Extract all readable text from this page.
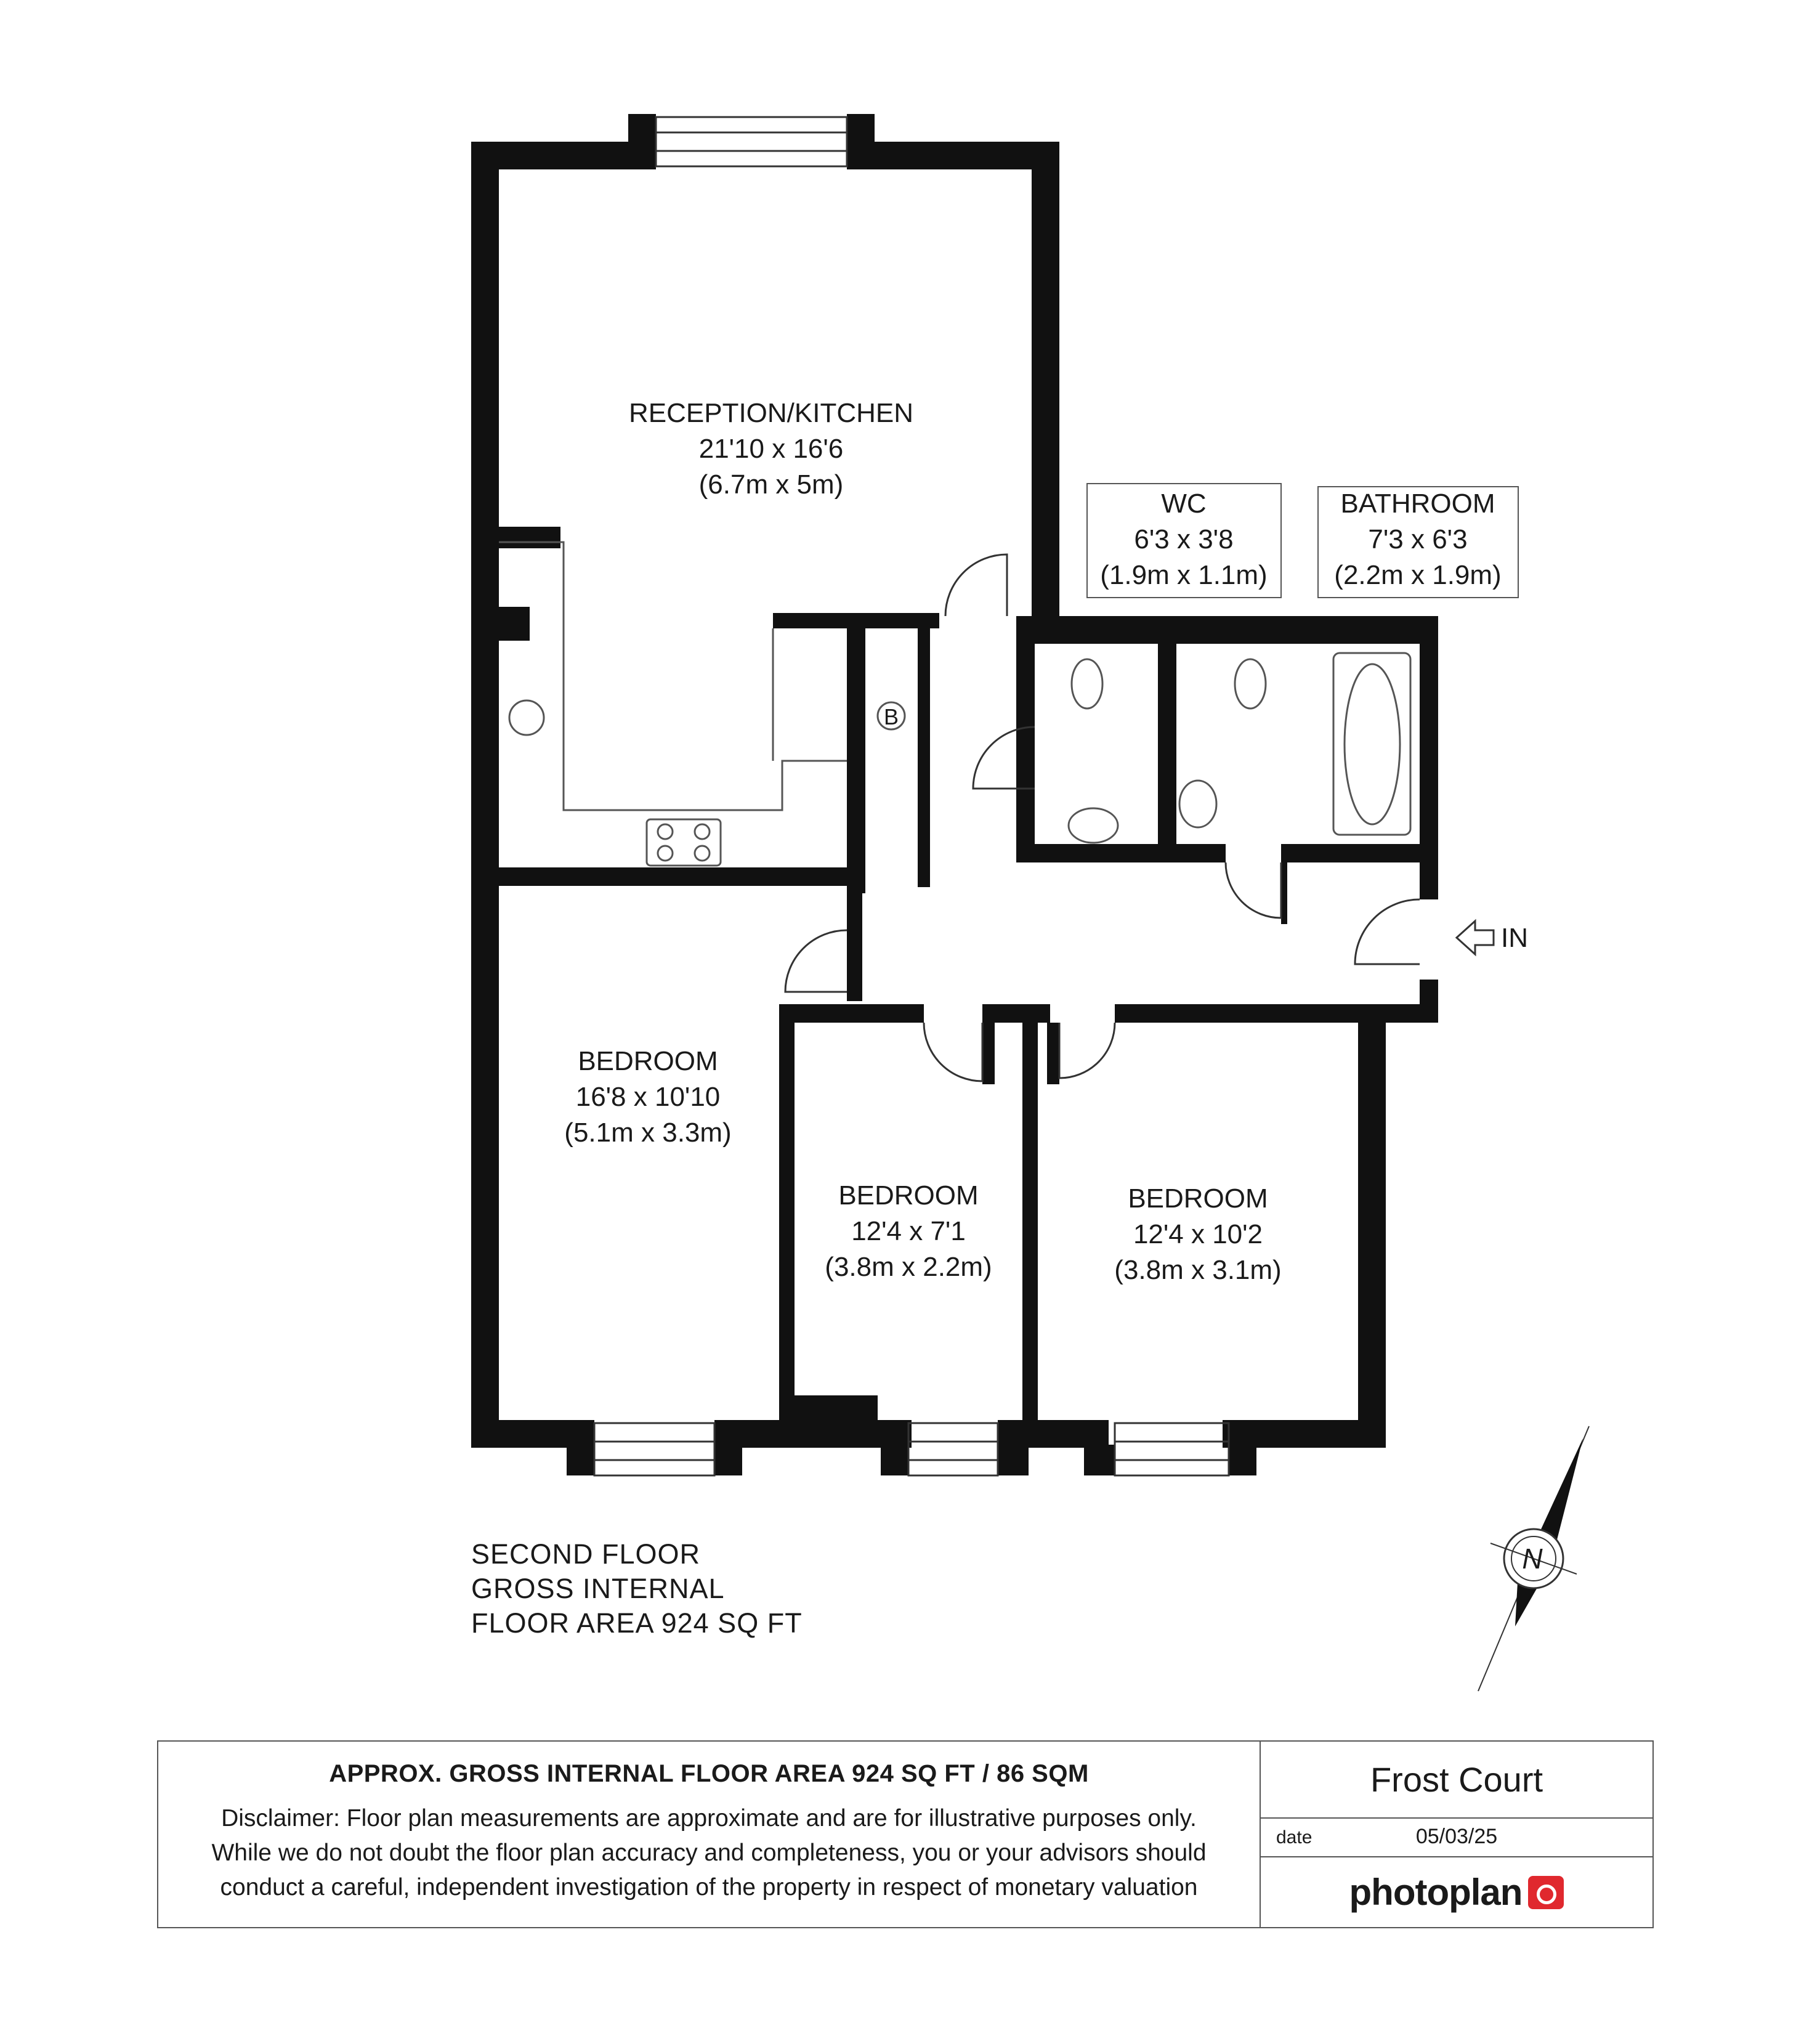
IN
B
RECEPTION/KITCHEN
21'10 x 16'6
(6.7m x 5m)
WC
6'3 x 3'8
(1.9m x 1.1m)
BATHROOM
7'3 x 6'3
(2.2m x 1.9m)
BEDROOM
16'8 x 10'10
(5.1m x 3.3m)
BEDROOM
12'4 x 7'1
(3.8m x 2.2m)
BEDROOM
12'4 x 10'2
(3.8m x 3.1m)
N
SECOND FLOOR
GROSS INTERNAL
FLOOR AREA 924 SQ FT
APPROX. GROSS INTERNAL FLOOR AREA 924 SQ FT / 86 SQM
Disclaimer: Floor plan measurements are approximate and are for illustrative purposes only.
While we do not doubt the floor plan accuracy and completeness, you or your advisors should
conduct a careful, independent investigation of the property in respect of monetary valuation
Frost Court
date	05/03/25
photoplan
